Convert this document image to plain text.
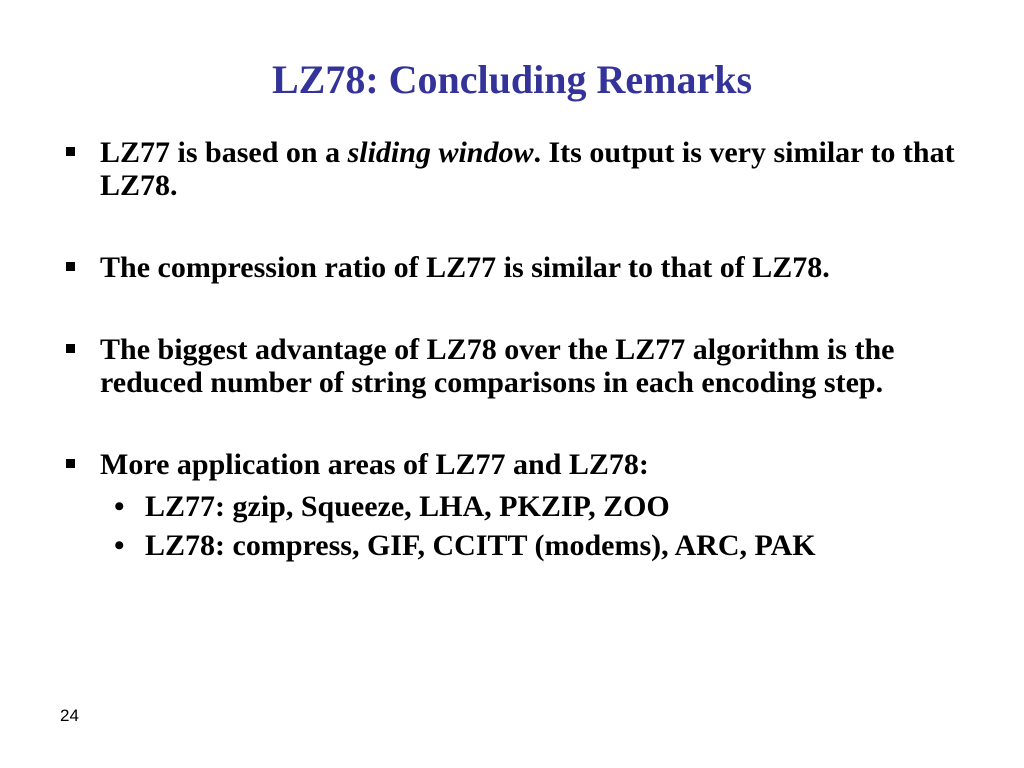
LZ78: Concluding Remarks
LZ77 is based on a sliding window. Its output is very similar to that LZ78.
The compression ratio of LZ77 is similar to that of LZ78.
The biggest advantage of LZ78 over the LZ77 algorithm is the reduced number of string comparisons in each encoding step.
More application areas of LZ77 and LZ78:
• LZ77: gzip, Squeeze, LHA, PKZIP, ZOO
• LZ78: compress, GIF, CCITT (modems), ARC, PAK
24
